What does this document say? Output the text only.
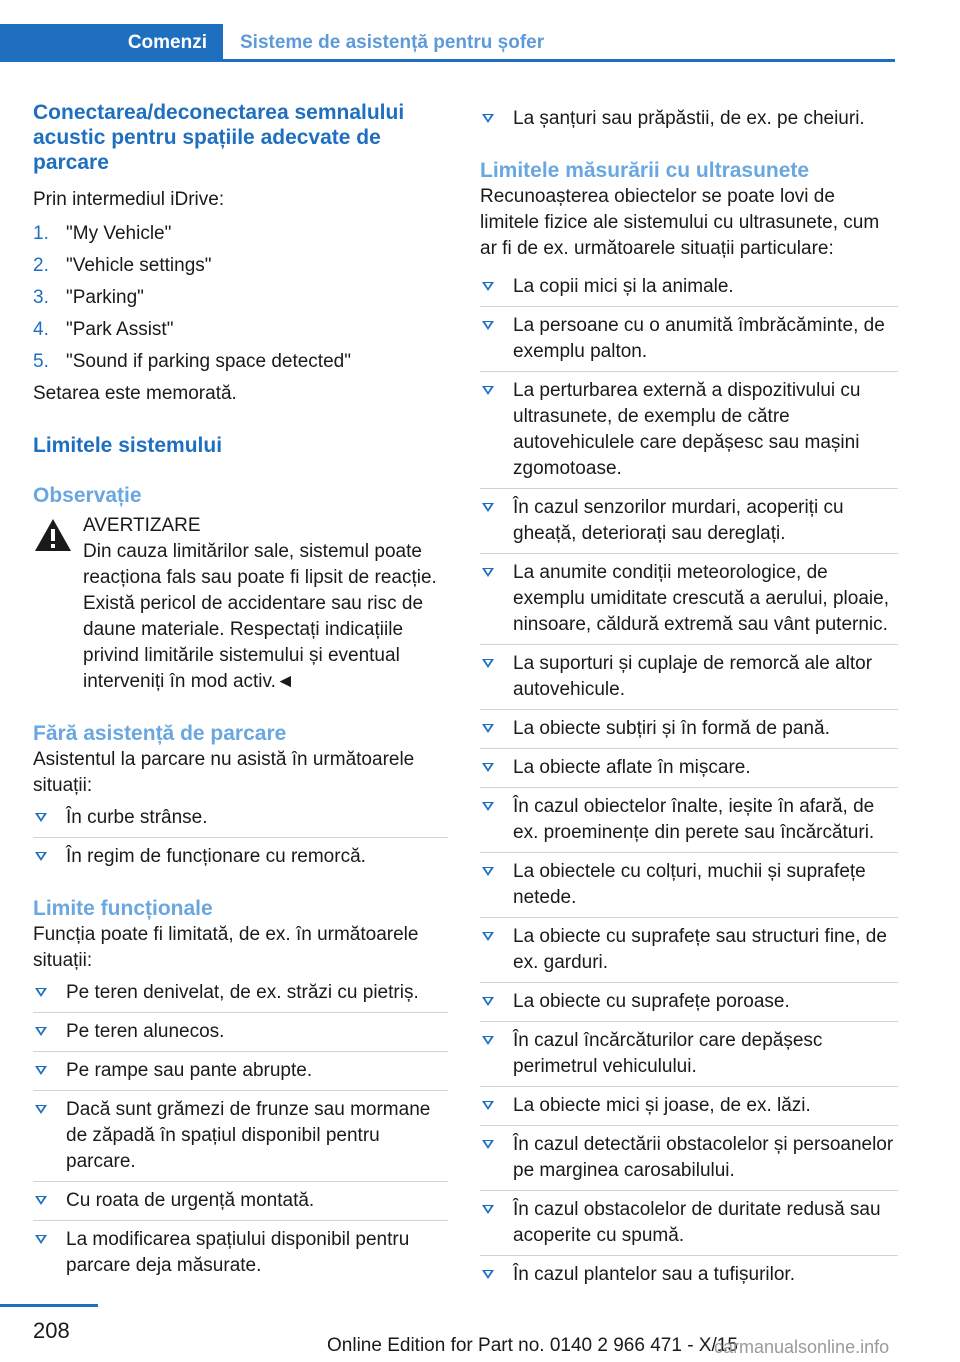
Comenzi	Sisteme de asistență pentru șofer
Conectarea/deconectarea semnalului acustic pentru spațiile adecvate de parcare

Prin intermediul iDrive:

1. "My Vehicle"
2. "Vehicle settings"
3. "Parking"
4. "Park Assist"
5. "Sound if parking space detected"

Setarea este memorată.

Limitele sistemului
Observație

AVERTIZARE

Din cauza limitărilor sale, sistemul poate reacționa fals sau poate fi lipsit de reacție. Există pericol de accidentare sau risc de daune materiale. Respectați indicațiile privind limitările sistemului și eventual interveniți în mod activ.◄

Fără asistență de parcare

Asistentul la parcare nu asistă în următoarele situații:

În curbe strânse.
În regim de funcționare cu remorcă.
Limite funcționale

Funcția poate fi limitată, de ex. în următoarele situații:

Pe teren denivelat, de ex. străzi cu pietriș.
Pe teren alunecos.
Pe rampe sau pante abrupte.
Dacă sunt grămezi de frunze sau mormane de zăpadă în spațiul disponibil pentru parcare.
Cu roata de urgență montată.
La modificarea spațiului disponibil pentru parcare deja măsurate.
La șanțuri sau prăpăstii, de ex. pe cheiuri.
Limitele măsurării cu ultrasunete

Recunoașterea obiectelor se poate lovi de limitele fizice ale sistemului cu ultrasunete, cum ar fi de ex. următoarele situații particulare:

La copii mici și la animale.
La persoane cu o anumită îmbrăcăminte, de exemplu palton.
La perturbarea externă a dispozitivului cu ultrasunete, de exemplu de către autovehiculele care depășesc sau mașini zgomotoase.
În cazul senzorilor murdari, acoperiți cu gheață, deteriorați sau dereglați.
La anumite condiții meteorologice, de exemplu umiditate crescută a aerului, ploaie, ninsoare, căldură extremă sau vânt puternic.
La suporturi și cuplaje de remorcă ale altor autovehicule.
La obiecte subțiri și în formă de pană.
La obiecte aflate în mișcare.
În cazul obiectelor înalte, ieșite în afară, de ex. proeminențe din perete sau încărcături.
La obiectele cu colțuri, muchii și suprafețe netede.
La obiecte cu suprafețe sau structuri fine, de ex. garduri.
La obiecte cu suprafețe poroase.
În cazul încărcăturilor care depășesc perimetrul vehiculului.
La obiecte mici și joase, de ex. lăzi.
În cazul detectării obstacolelor și persoanelor pe marginea carosabilului.
În cazul obstacolelor de duritate redusă sau acoperite cu spumă.
În cazul plantelor sau a tufișurilor.
208
Online Edition for Part no. 0140 2 966 471 - X/15
carmanualsonline.info
